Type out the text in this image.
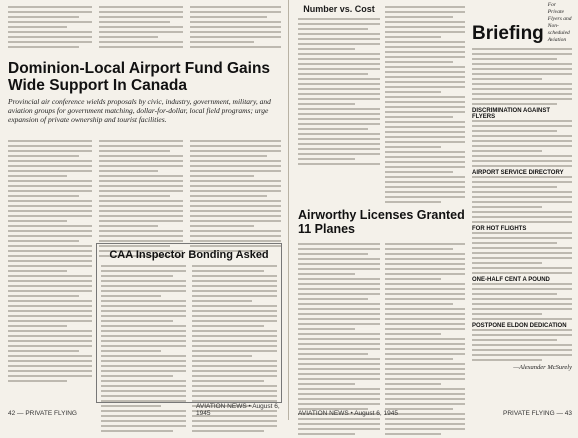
Dominion-Local Airport Fund Gains Wide Support In Canada
Provincial air conference wields proposals by civic, industry, government, military, and aviation groups for government matching, dollar-for-dollar, local field programs; urge expansion of private ownership and tourist facilities.
CAA Inspector Bonding Asked
42 — PRIVATE FLYING
AVIATION NEWS • August 6, 1945
Number vs. Cost
Airworthy Licenses Granted 11 Planes
Briefing
For Private Flyers and Non-scheduled Aviation
DISCRIMINATION AGAINST FLYERS
AIRPORT SERVICE DIRECTORY
FOR HOT FLIGHTS
ONE-HALF CENT A POUND
POSTPONE ELDON DEDICATION
—Alexander McSurely
AVIATION NEWS • August 6, 1945	PRIVATE FLYING — 43
